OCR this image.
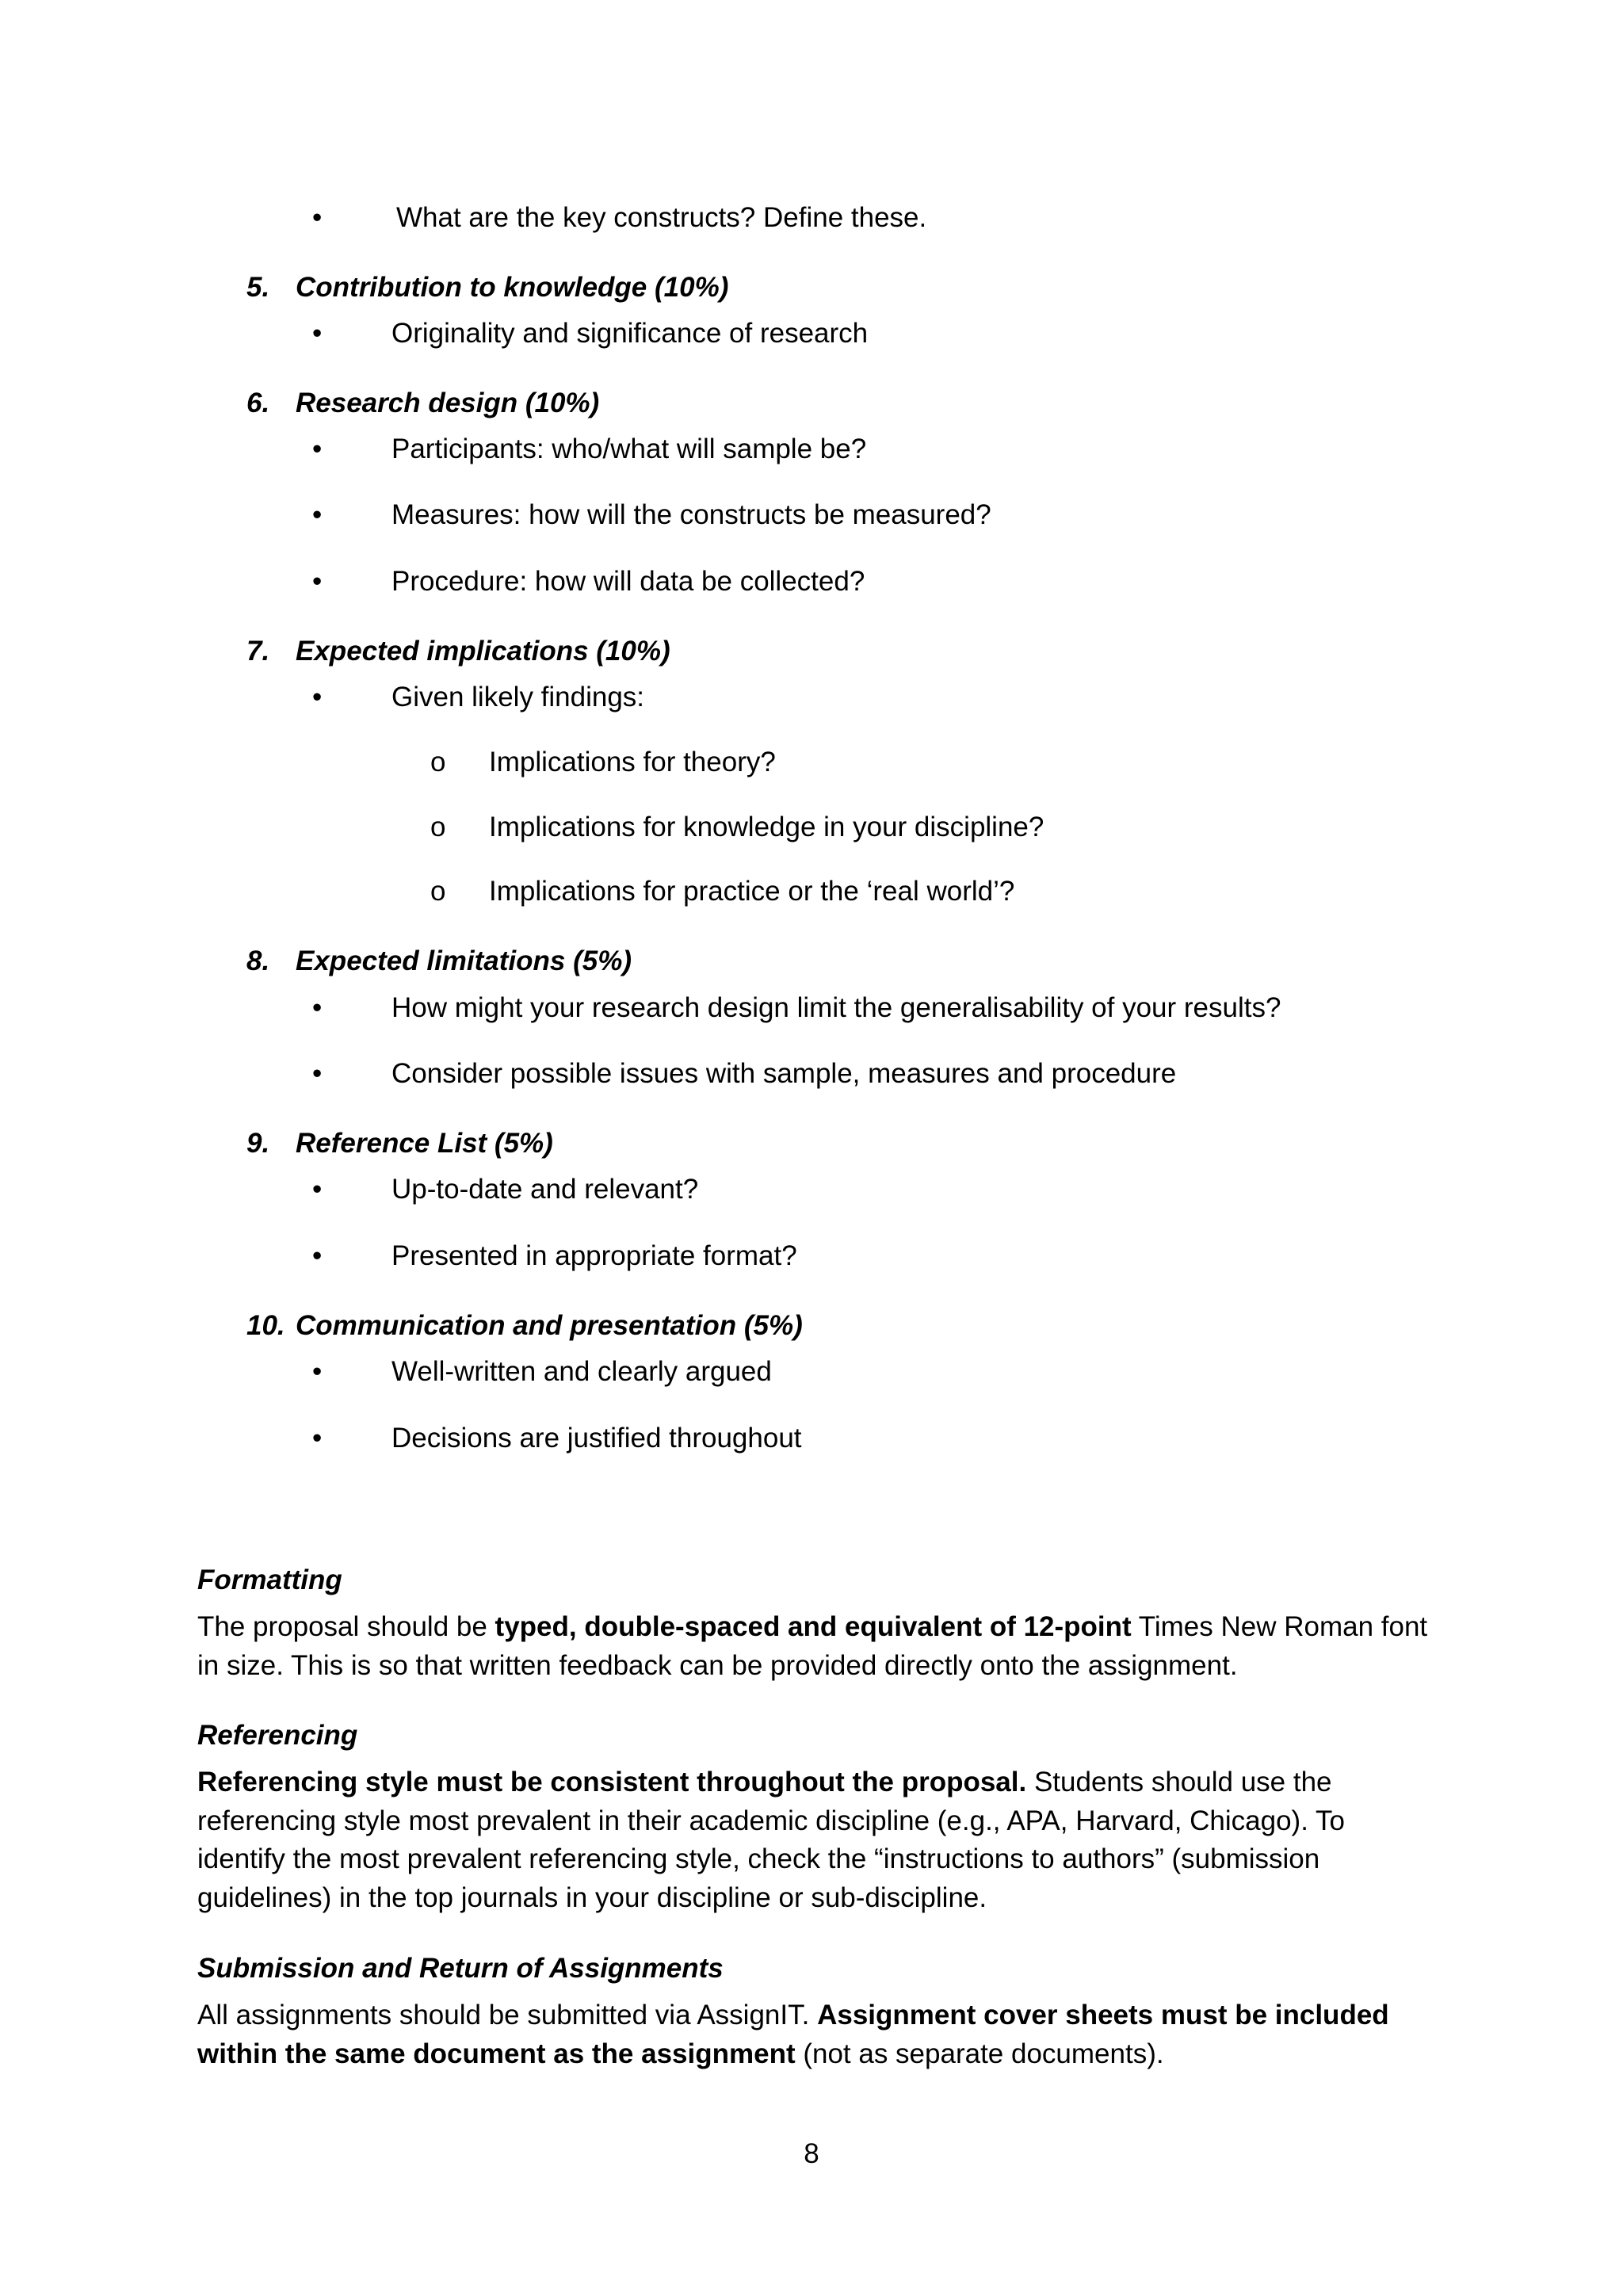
•	What are the key constructs? Define these.
5. Contribution to knowledge (10%)
•	Originality and significance of research
6. Research design (10%)
•	Participants: who/what will sample be?
•	Measures: how will the constructs be measured?
•	Procedure: how will data be collected?
7. Expected implications (10%)
•	Given likely findings:
o Implications for theory?
o Implications for knowledge in your discipline?
o Implications for practice or the ‘real world’?
8. Expected limitations (5%)
•	How might your research design limit the generalisability of your results?
•	Consider possible issues with sample, measures and procedure
9. Reference List (5%)
•	Up-to-date and relevant?
•	Presented in appropriate format?
10. Communication and presentation (5%)
•	Well-written and clearly argued
•	Decisions are justified throughout
Formatting
The proposal should be typed, double-spaced and equivalent of 12-point Times New Roman font in size. This is so that written feedback can be provided directly onto the assignment.
Referencing
Referencing style must be consistent throughout the proposal. Students should use the referencing style most prevalent in their academic discipline (e.g., APA, Harvard, Chicago). To identify the most prevalent referencing style, check the “instructions to authors” (submission guidelines) in the top journals in your discipline or sub-discipline.
Submission and Return of Assignments
All assignments should be submitted via AssignIT. Assignment cover sheets must be included within the same document as the assignment (not as separate documents).
8
